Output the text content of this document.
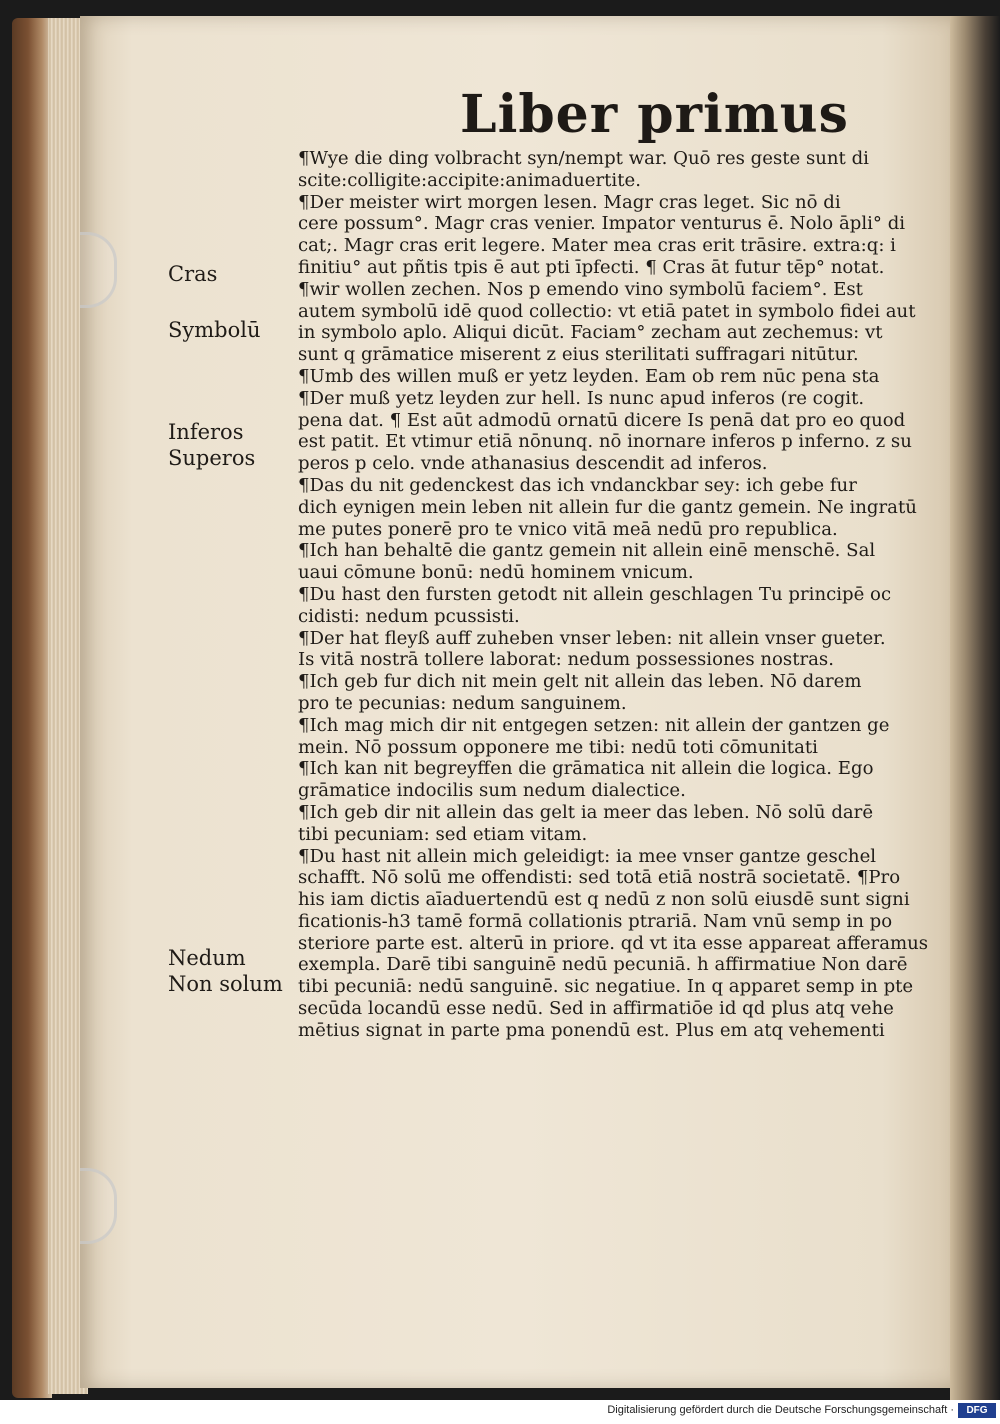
Liber primus
Cras
Symbolū
Inferos
Superos
Nedum
Non solum
¶Wye die ding volbracht syn/nempt war. Quō res geste sunt di
scite:colligite:accipite:animaduertite.
¶Der meister wirt morgen lesen. Magr cras leget. Sic nō di
cere possum°. Magr cras venier. Impator venturus ē. Nolo āpli° di
cat;. Magr cras erit legere. Mater mea cras erit trāsire. extra:q: i
finitiu° aut pñtis tpis ē aut pti īpfecti. ¶ Cras āt futur tēp° notat.
¶wir wollen zechen. Nos p emendo vino symbolū faciem°. Est
autem symbolū idē quod collectio: vt etiā patet in symbolo fidei aut
in symbolo aplo. Aliqui dicūt. Faciam° zecham aut zechemus: vt
sunt q grāmatice miserent z eius sterilitati suffragari nitūtur.
¶Umb des willen muß er yetz leyden. Eam ob rem nūc pena sta
¶Der muß yetz leyden zur hell. Is nunc apud inferos (re cogit.
pena dat. ¶ Est aūt admodū ornatū dicere Is penā dat pro eo quod
est patit. Et vtimur etiā nōnunq. nō inornare inferos p inferno. z su
peros p celo. vnde athanasius descendit ad inferos.
¶Das du nit gedenckest das ich vndanckbar sey: ich gebe fur
dich eynigen mein leben nit allein fur die gantz gemein. Ne ingratū
me putes ponerē pro te vnico vitā meā nedū pro republica.
¶Ich han behaltē die gantz gemein nit allein einē menschē. Sal
uaui cōmune bonū: nedū hominem vnicum.
¶Du hast den fursten getodt nit allein geschlagen Tu principē oc
cidisti: nedum pcussisti.
¶Der hat fleyß auff zuheben vnser leben: nit allein vnser gueter.
Is vitā nostrā tollere laborat: nedum possessiones nostras.
¶Ich geb fur dich nit mein gelt nit allein das leben. Nō darem
pro te pecunias: nedum sanguinem.
¶Ich mag mich dir nit entgegen setzen: nit allein der gantzen ge
mein. Nō possum opponere me tibi: nedū toti cōmunitati
¶Ich kan nit begreyffen die grāmatica nit allein die logica. Ego
grāmatice indocilis sum nedum dialectice.
¶Ich geb dir nit allein das gelt ia meer das leben. Nō solū darē
tibi pecuniam: sed etiam vitam.
¶Du hast nit allein mich geleidigt: ia mee vnser gantze geschel
schafft. Nō solū me offendisti: sed totā etiā nostrā societatē. ¶Pro
his iam dictis aīaduertendū est q nedū z non solū eiusdē sunt signi
ficationis-h3 tamē formā collationis ptrariā. Nam vnū semp in po
steriore parte est. alterū in priore. qd vt ita esse appareat afferamus
exempla. Darē tibi sanguinē nedū pecuniā. h affirmatiue Non darē
tibi pecuniā: nedū sanguinē. sic negatiue. In q apparet semp in pte
secūda locandū esse nedū. Sed in affirmatiōe id qd plus atq vehe
mētius signat in parte pma ponendū est. Plus em atq vehementi
Digitalisierung gefördert durch die Deutsche Forschungsgemeinschaft ·	DFG
